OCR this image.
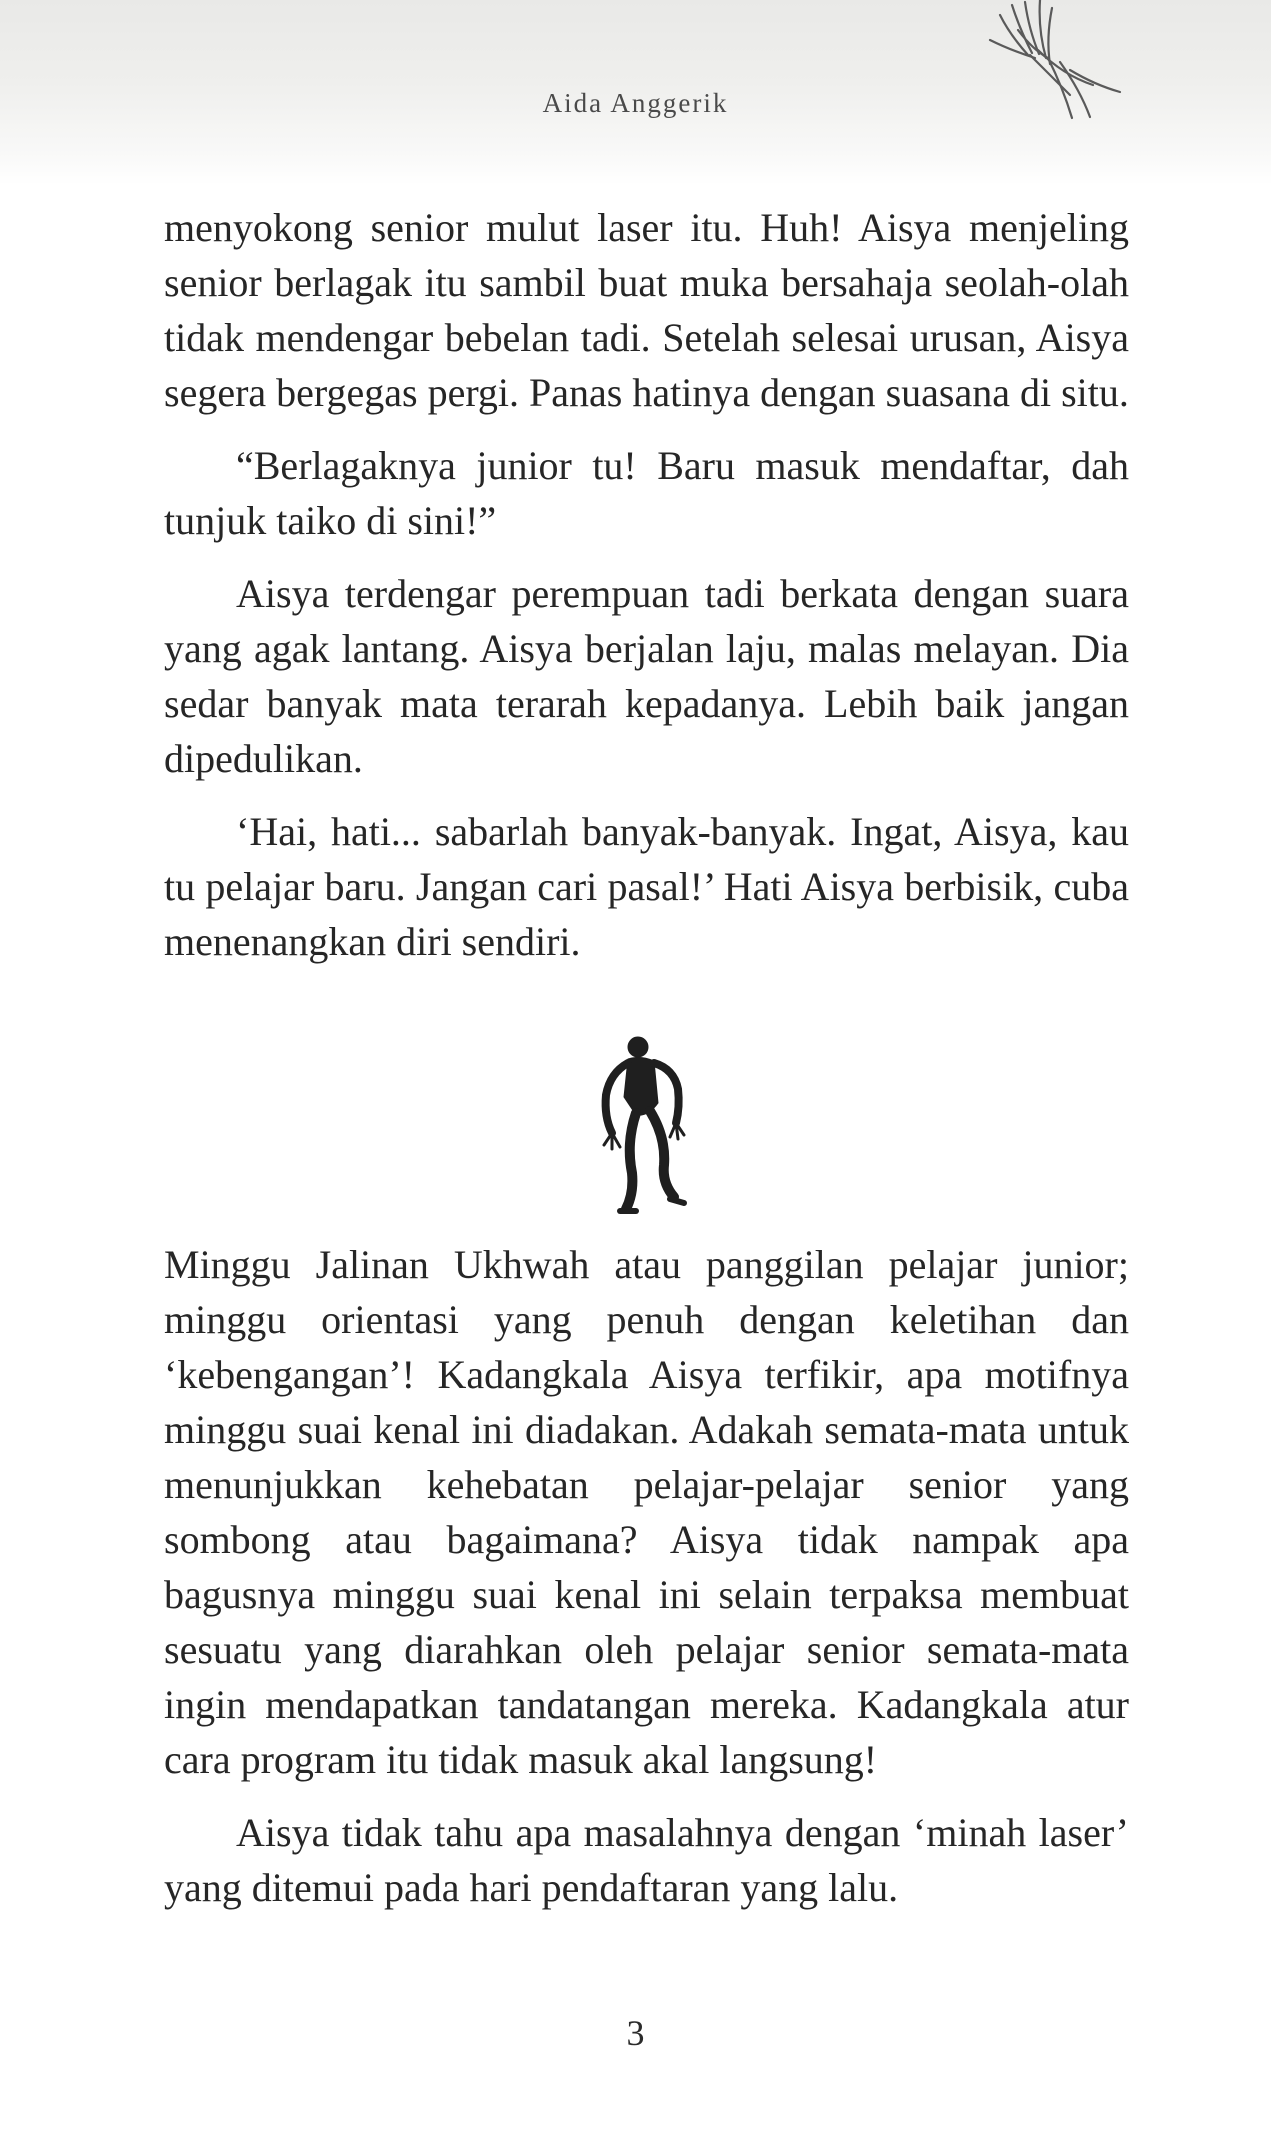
Aida Anggerik

menyokong senior mulut laser itu. Huh! Aisya menjeling senior berlagak itu sambil buat muka bersahaja seolah-olah tidak mendengar bebelan tadi. Setelah selesai urusan, Aisya segera bergegas pergi. Panas hatinya dengan suasana di situ.

“Berlagaknya junior tu! Baru masuk mendaftar, dah tunjuk taiko di sini!”

Aisya terdengar perempuan tadi berkata dengan suara yang agak lantang. Aisya berjalan laju, malas melayan. Dia sedar banyak mata terarah kepadanya. Lebih baik jangan dipedulikan.

‘Hai, hati... sabarlah banyak-banyak. Ingat, Aisya, kau tu pelajar baru. Jangan cari pasal!’ Hati Aisya berbisik, cuba menenangkan diri sendiri.

Minggu Jalinan Ukhwah atau panggilan pelajar junior; minggu orientasi yang penuh dengan keletihan dan ‘kebengangan’! Kadangkala Aisya terfikir, apa motifnya minggu suai kenal ini diadakan. Adakah semata-mata untuk menunjukkan kehebatan pelajar-pelajar senior yang sombong atau bagaimana? Aisya tidak nampak apa bagusnya minggu suai kenal ini selain terpaksa membuat sesuatu yang diarahkan oleh pelajar senior semata-mata ingin mendapatkan tandatangan mereka. Kadangkala atur cara program itu tidak masuk akal langsung!

Aisya tidak tahu apa masalahnya dengan ‘minah laser’ yang ditemui pada hari pendaftaran yang lalu.

3
